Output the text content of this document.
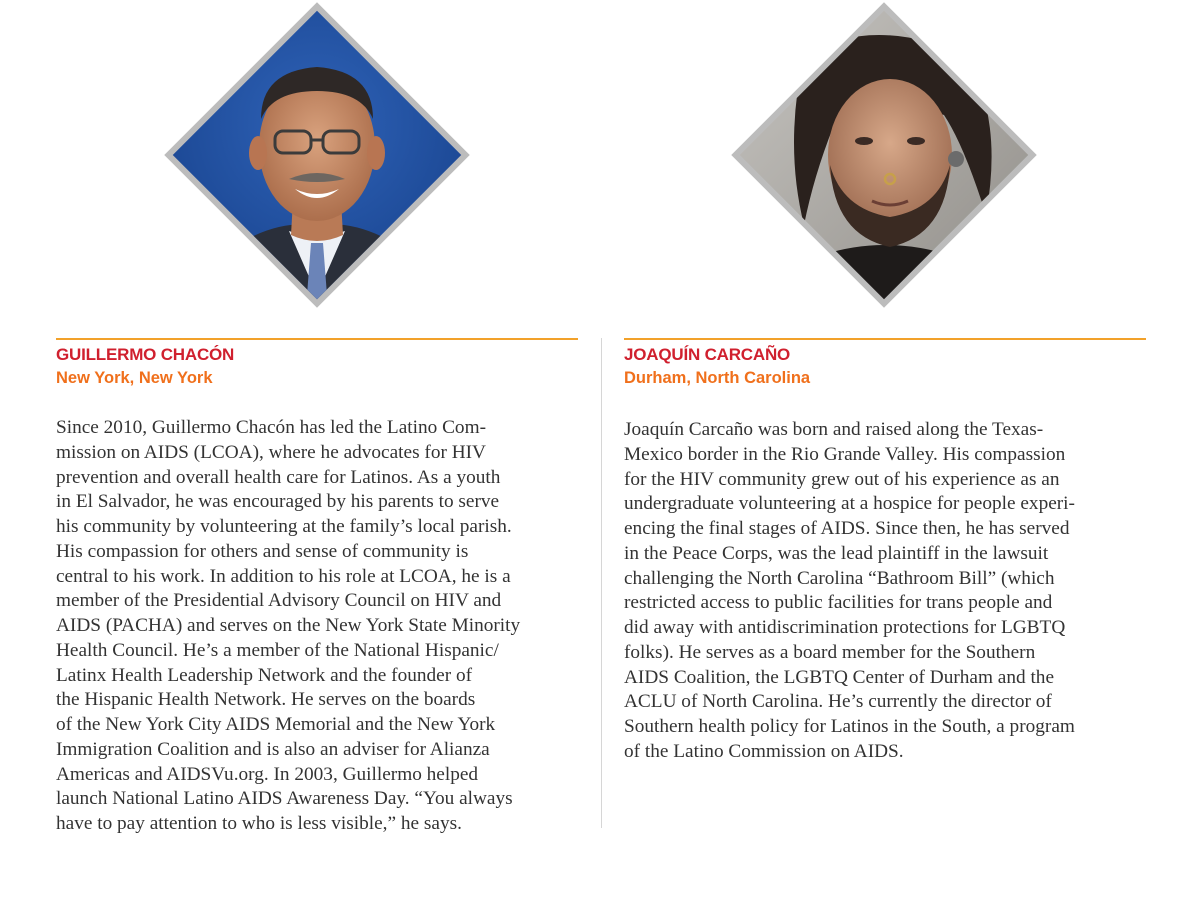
GUILLERMO CHACÓN
New York, New York
Since 2010, Guillermo Chacón has led the Latino Com-
mission on AIDS (LCOA), where he advocates for HIV
prevention and overall health care for Latinos. As a youth
in El Salvador, he was encouraged by his parents to serve
his community by volunteering at the family’s local parish.
His compassion for others and sense of community is
central to his work. In addition to his role at LCOA, he is a
member of the Presidential Advisory Council on HIV and
AIDS (PACHA) and serves on the New York State Minority
Health Council. He’s a member of the National Hispanic/
Latinx Health Leadership Network and the founder of
the Hispanic Health Network. He serves on the boards
of the New York City AIDS Memorial and the New York
Immigration Coalition and is also an adviser for Alianza
Americas and AIDSVu.org. In 2003, Guillermo helped
launch National Latino AIDS Awareness Day. “You always
have to pay attention to who is less visible,” he says.
JOAQUÍN CARCAÑO
Durham, North Carolina
Joaquín Carcaño was born and raised along the Texas-
Mexico border in the Rio Grande Valley. His compassion
for the HIV community grew out of his experience as an
undergraduate volunteering at a hospice for people experi-
encing the final stages of AIDS. Since then, he has served
in the Peace Corps, was the lead plaintiff in the lawsuit
challenging the North Carolina “Bathroom Bill” (which
restricted access to public facilities for trans people and
did away with antidiscrimination protections for LGBTQ
folks). He serves as a board member for the Southern
AIDS Coalition, the LGBTQ Center of Durham and the
ACLU of North Carolina. He’s currently the director of
Southern health policy for Latinos in the South, a program
of the Latino Commission on AIDS.
